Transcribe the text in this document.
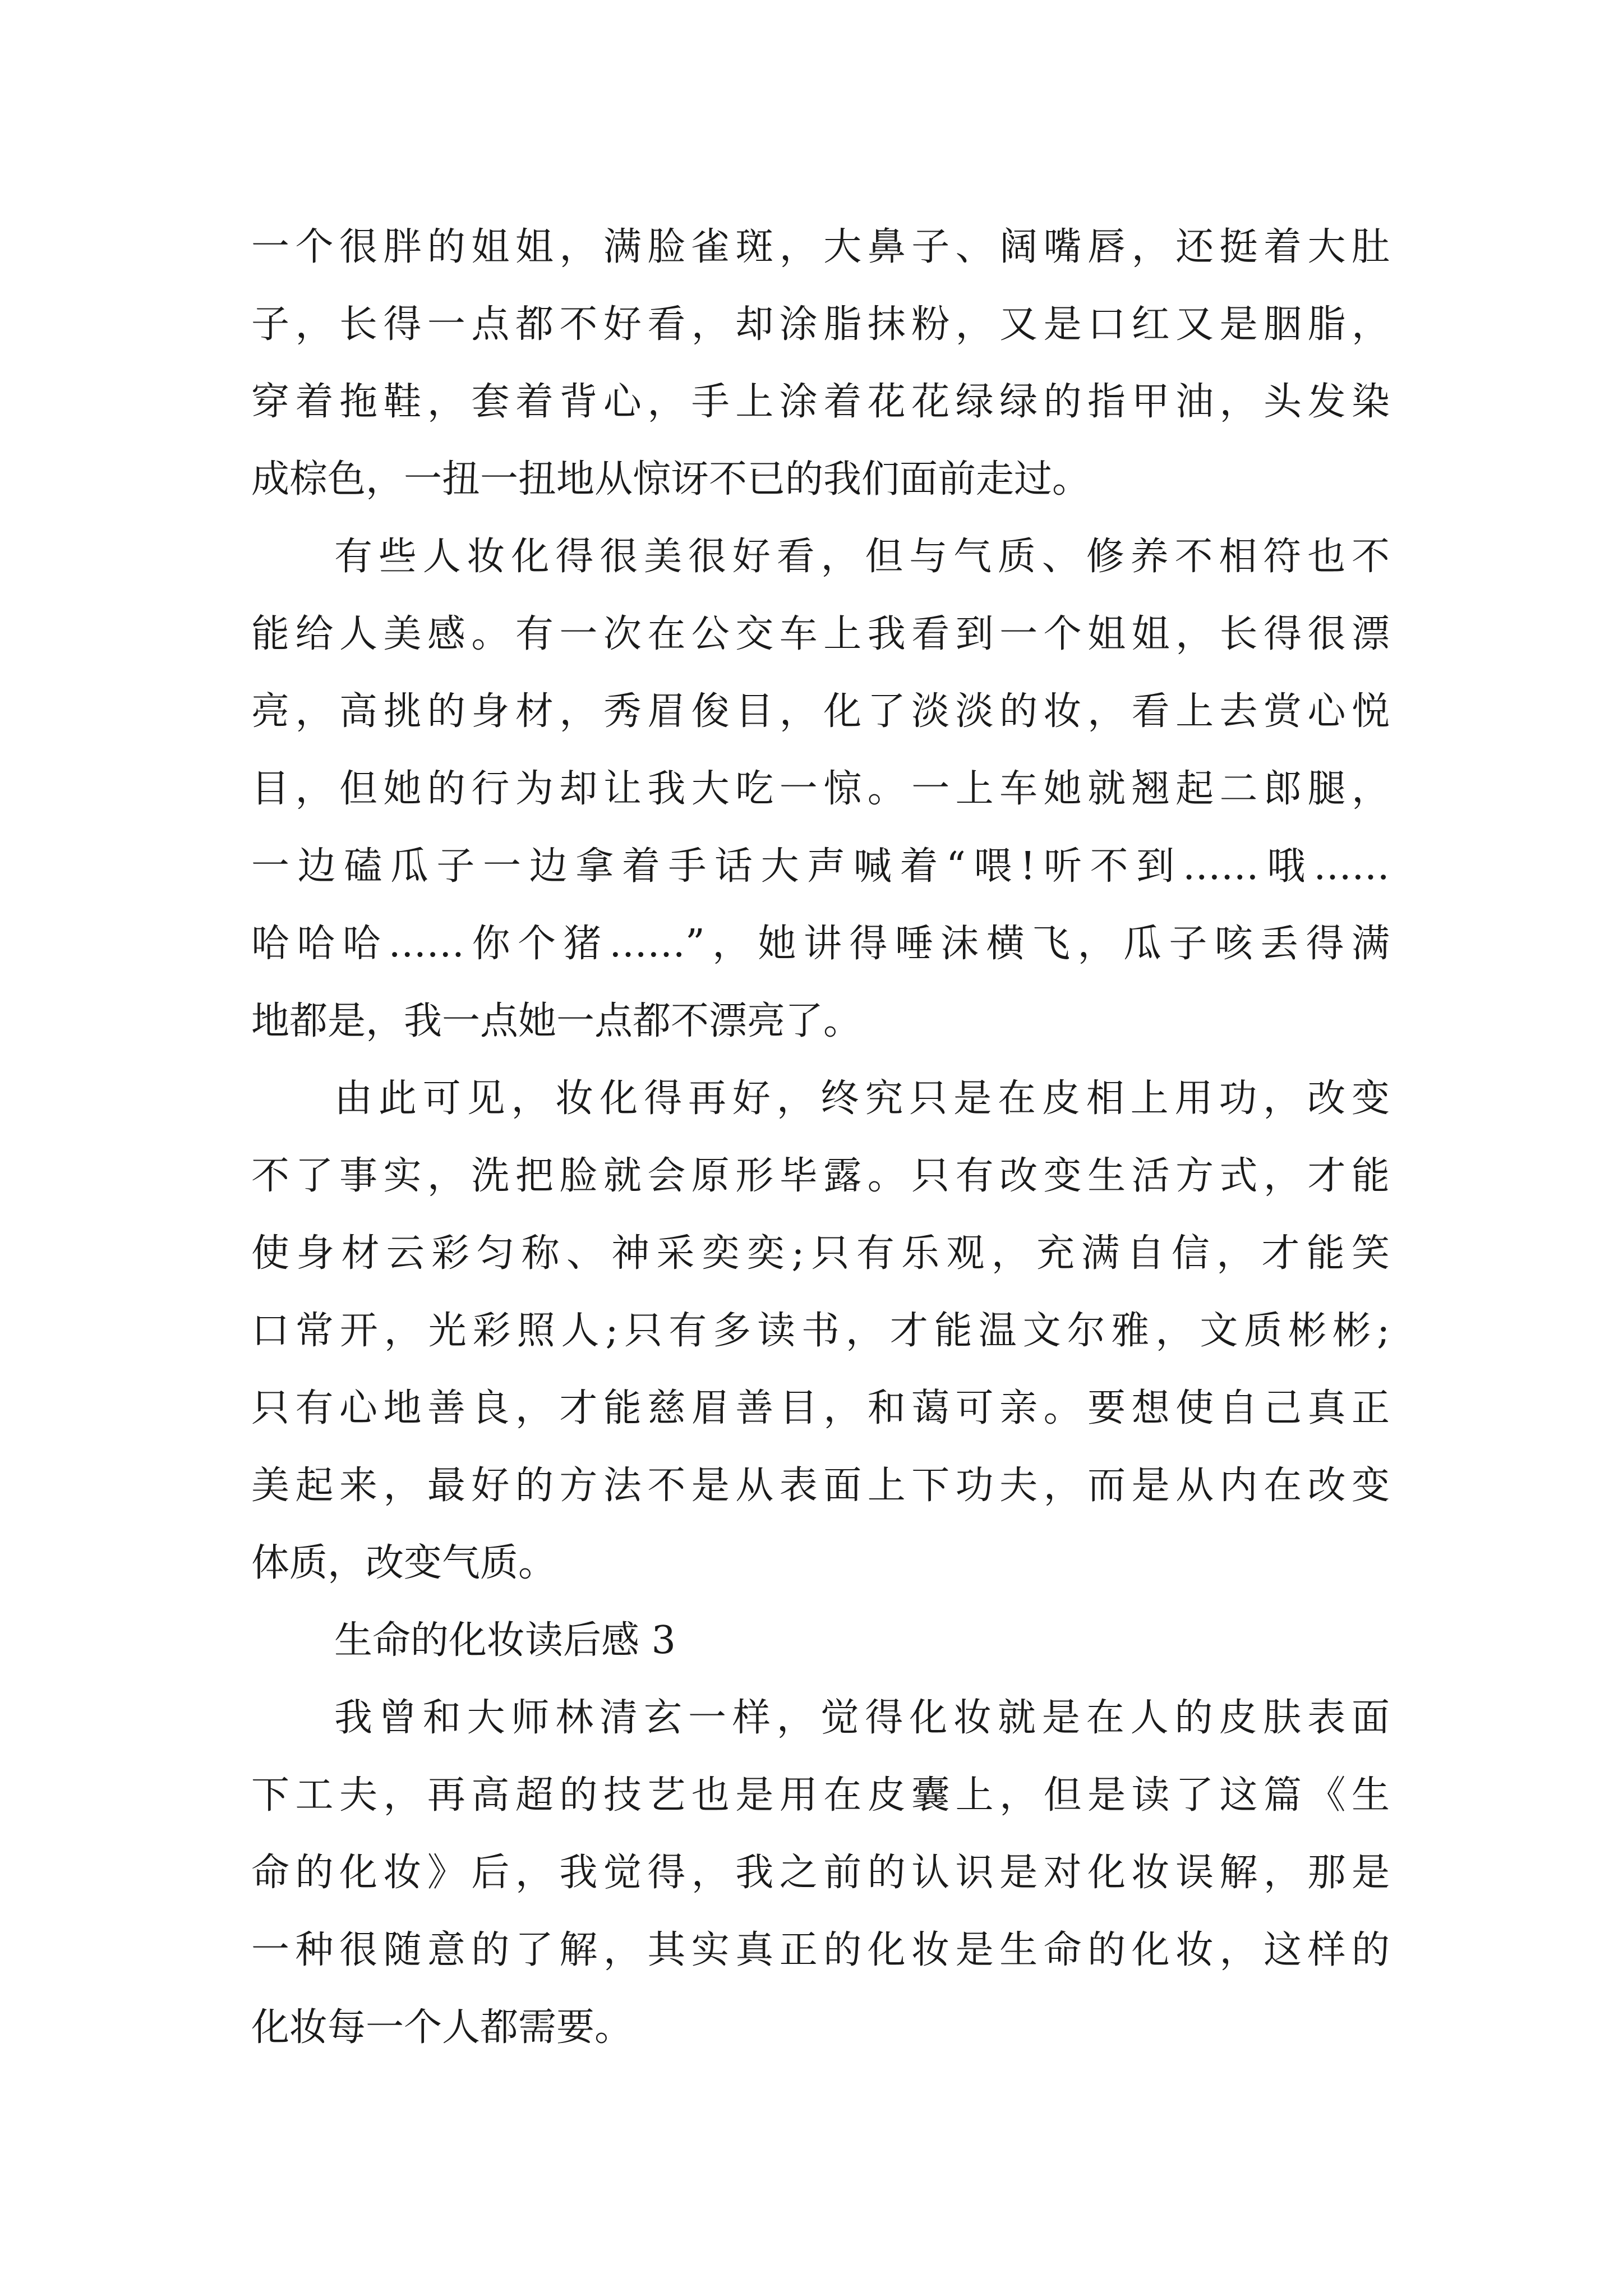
一个很胖的姐姐，满脸雀斑，大鼻子、阔嘴唇，还挺着大肚
子，长得一点都不好看，却涂脂抹粉，又是口红又是胭脂，
穿着拖鞋，套着背心，手上涂着花花绿绿的指甲油，头发染
成棕色，一扭一扭地从惊讶不已的我们面前走过。
有些人妆化得很美很好看，但与气质、修养不相符也不
能给人美感。有一次在公交车上我看到一个姐姐，长得很漂
亮，高挑的身材，秀眉俊目，化了淡淡的妆，看上去赏心悦
目，但她的行为却让我大吃一惊。一上车她就翘起二郎腿，
一边磕瓜子一边拿着手话大声喊着“喂!听不到……哦……
哈哈哈……你个猪……”，她讲得唾沫横飞，瓜子咳丢得满
地都是，我一点她一点都不漂亮了。
由此可见，妆化得再好，终究只是在皮相上用功，改变
不了事实，洗把脸就会原形毕露。只有改变生活方式，才能
使身材云彩匀称、神采奕奕;只有乐观，充满自信，才能笑
口常开，光彩照人;只有多读书，才能温文尔雅，文质彬彬;
只有心地善良，才能慈眉善目，和蔼可亲。要想使自己真正
美起来，最好的方法不是从表面上下功夫，而是从内在改变
体质，改变气质。
生命的化妆读后感 3
我曾和大师林清玄一样，觉得化妆就是在人的皮肤表面
下工夫，再高超的技艺也是用在皮囊上，但是读了这篇《生
命的化妆》后，我觉得，我之前的认识是对化妆误解，那是
一种很随意的了解，其实真正的化妆是生命的化妆，这样的
化妆每一个人都需要。
